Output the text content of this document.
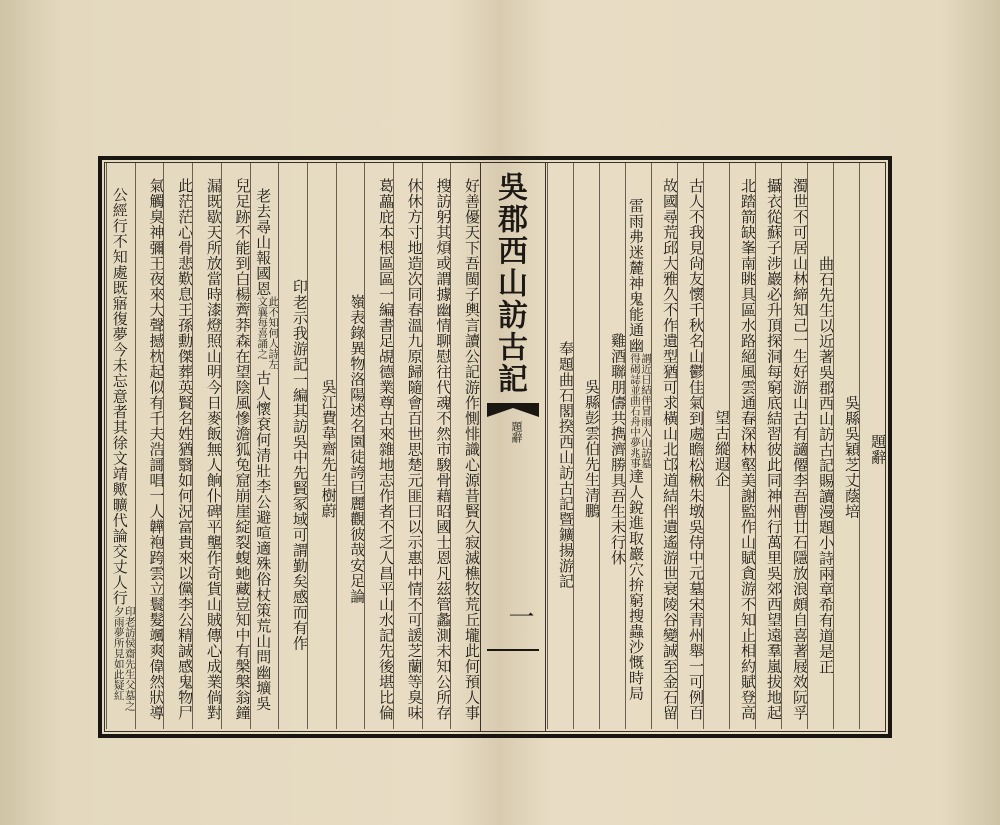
題辭
吳縣吳穎芝丈蔭培
曲石先生以近著吳郡西山訪古記賜讀漫題小詩兩章希有道是正
濁世不可居山林締知己一生好游山古有讁僊李吾曹廿石隱放浪頗自喜著屐效阮孚
攝衣從蘇子涉巖必升頂探洞每窮底結習彼此同神州行萬里吳郊西望遠羣嵐拔地起
北踏箭缺峯南眺具區水路絕風雲通春深林壑美謝監作山賦貪游不知止相約賦登高
望古縱遐企
古人不我見尙友懷千秋名山鬱佳氣到處瞻松楸朱墩吳侍中元墓宋青州舉一可例百
故國尋荒邱大雅久不作遺型猶可求橫山北邙道結伴遺遙游世衰陵谷變誠至金石留
雷雨弗迷麓神鬼能通幽謂近日結伴冒雨入山訪墓得碣誌並曲石舟中夢兆事達人銳進取巖穴拚窮搜蟲沙慨時局
雞酒聯朋儔共擕濟勝具吾生未行休
吳縣彭雲伯先生清鵬
奉題曲石閣揆西山訪古記暨鑛揚游記
好善優天下吾閩子輿言讀公記游作惻悱識心源昔賢久寂滅樵牧荒丘壠此何預人事
搜訪躬其煩或謂據幽情聊慰往代魂不然市駿骨藉昭國士恩凡茲管蠡測未知公所存
休休方寸地造次同春溫九原歸隨會百世思楚元匪曰以示惠中情不可諼芝蘭等臭味
葛藟庇本根區區一編書足覘德業尊古來雜地志作者不乏人昌平山水記先後堪比倫
嶺表錄異物洛陽述名園徒誇巨麗觀彼哉安足論
吳江費韋齋先生樹蔚
印老示我游記一編其訪吳中先賢冢域可謂勤矣感而有作
老去尋山報國恩此不知何人詩左文襄每喜誦之古人懷袞何清壯李公避喧適殊俗杖策荒山問幽壙吳
兒足跡不能到白楊薺莽森在望陰風慘澹狐兔窟崩崖綻裂蝮虵藏豈知中有槃槃翁鐘
漏既歇天所放當時漆燈照山明今日麥飯無人餉仆碑平壟作奇貨山賊傳心成業倘對
此茫茫心骨悲歎息王孫勳傑葬英賢名姓猶翳如何況富貴來以儻李公精誠感鬼物尸
氣觸臭神彌王夜來大聲撼枕起似有千夫浩謌唱一人韡袍跨雲立鬟髮颯爽偉然狀導
公經行不知處既寤復夢今未忘意者其徐文靖歟曠代論交丈人行印老訪侯齋先生父墓之夕雨夢所見如此疑紅
吳郡西山訪古記
題辭
一
